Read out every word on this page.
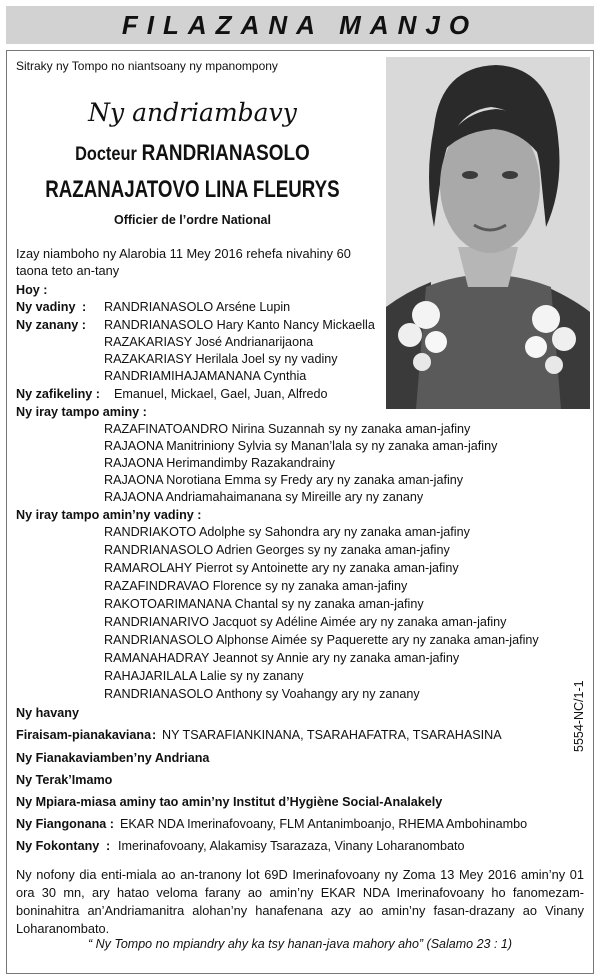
FILAZANA MANJO
Sitraky ny Tompo no niantsoany ny mpanompony
Ny andriambavy
Docteur RANDRIANASOLO
RAZANAJATOVO LINA FLEURYS
Officier de l’ordre National
Izay niamboho ny Alarobia 11 Mey 2016 rehefa nivahiny 60 taona teto an-tany
Hoy :
Ny vadiny : RANDRIANASOLO Arséne Lupin
Ny zanany : RANDRIANASOLO Hary Kanto Nancy Mickaella
RAZAKARIASY José Andrianarijaona
RAZAKARIASY Herilala Joel sy ny vadiny
RANDRIAMIHAJAMANANA Cynthia
Ny zafikeliny : Emanuel, Mickael, Gael, Juan, Alfredo
Ny iray tampo aminy :
RAZAFINATOANDRO Nirina Suzannah sy ny zanaka aman-jafiny
RAJAONA Manitriniony Sylvia sy Manan’lala sy ny zanaka aman-jafiny
RAJAONA Herimandimby Razakandrainy
RAJAONA Norotiana Emma sy Fredy ary ny zanaka aman-jafiny
RAJAONA Andriamahaimanana sy Mireille ary ny zanany
Ny iray tampo amin’ny vadiny :
RANDRIAKOTO Adolphe sy Sahondra ary ny zanaka aman-jafiny
RANDRIANASOLO Adrien Georges sy ny zanaka aman-jafiny
RAMAROLAHY Pierrot sy Antoinette ary ny zanaka aman-jafiny
RAZAFINDRAVAO Florence sy ny zanaka aman-jafiny
RAKOTOARIMANANA Chantal sy ny zanaka aman-jafiny
RANDRIANARIVO Jacquot sy Adéline Aimée ary ny zanaka aman-jafiny
RANDRIANASOLO Alphonse Aimée sy Paquerette ary ny zanaka aman-jafiny
RAMANAHADRAY Jeannot sy Annie ary ny zanaka aman-jafiny
RAHAJARILALA Lalie sy ny zanany
RANDRIANASOLO Anthony sy Voahangy ary ny zanany
Ny havany
Firaisam-pianakaviana : NY TSARAFIANKINANA, TSARAHAFATRA, TSARAHASINA
Ny Fianakaviamben’ny Andriana
Ny Terak’Imamo
Ny Mpiara-miasa aminy tao amin’ny Institut d’Hygiène Social-Analakely
Ny Fiangonana : EKAR NDA Imerinafovoany, FLM Antanimboanjo, RHEMA Ambohinambo
Ny Fokontany : Imerinafovoany, Alakamisy Tsarazaza, Vinany Loharanombato
Ny nofony dia enti-miala ao an-tranony lot 69D Imerinafovoany ny Zoma 13 Mey 2016 amin’ny 01 ora 30 mn, ary hatao veloma farany ao amin’ny EKAR NDA Imerinafovoany ho fanomezam-boninahitra an’Andriamanitra alohan’ny hanafenana azy ao amin’ny fasan-drazany ao Vinany Loharanombato.
“ Ny Tompo no mpiandry ahy ka tsy hanan-java mahory aho” (Salamo 23 : 1)
5554-NC/1-1
